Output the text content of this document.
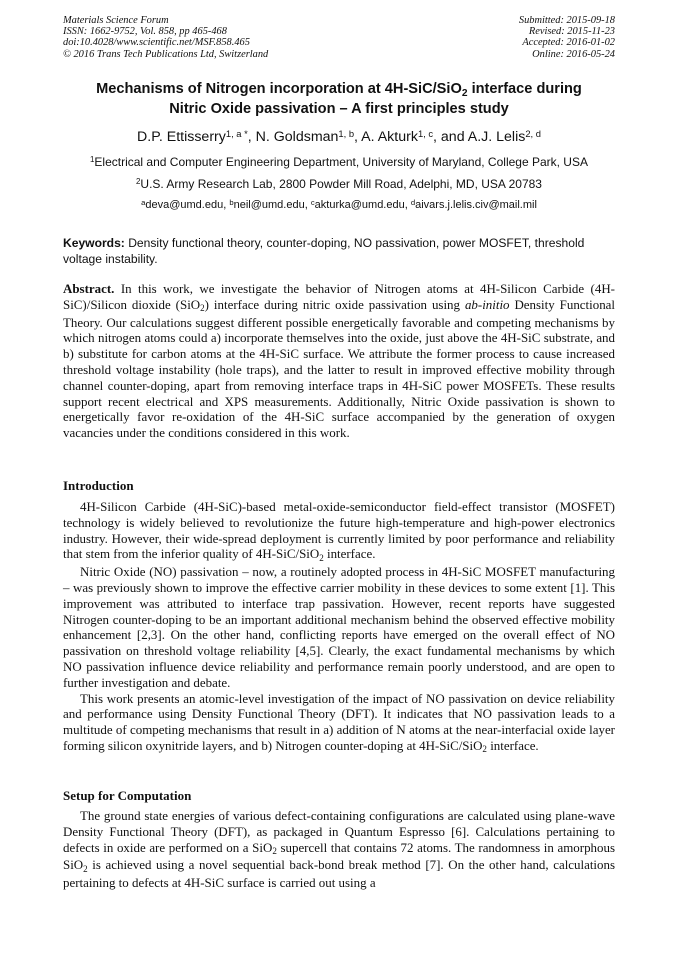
Materials Science Forum
ISSN: 1662-9752, Vol. 858, pp 465-468
doi:10.4028/www.scientific.net/MSF.858.465
© 2016 Trans Tech Publications Ltd, Switzerland
Submitted: 2015-09-18
Revised: 2015-11-23
Accepted: 2016-01-02
Online: 2016-05-24
Mechanisms of Nitrogen incorporation at 4H-SiC/SiO$_2$ interface during
Nitric Oxide passivation – A first principles study
D.P. Ettisserry$^{1, a *}$, N. Goldsman$^{1, b}$, A. Akturk$^{1, c}$, and A.J. Lelis$^{2, d}$
$^1$Electrical and Computer Engineering Department, University of Maryland, College Park, USA
$^2$U.S. Army Research Lab, 2800 Powder Mill Road, Adelphi, MD, USA 20783
$^a$deva@umd.edu, $^b$neil@umd.edu, $^c$akturka@umd.edu, $^d$aivars.j.lelis.civ@mail.mil
Keywords: Density functional theory, counter-doping, NO passivation, power MOSFET, threshold voltage instability.
Abstract. In this work, we investigate the behavior of Nitrogen atoms at 4H-Silicon Carbide (4H-SiC)/Silicon dioxide (SiO$_2$) interface during nitric oxide passivation using ab-initio Density Functional Theory. Our calculations suggest different possible energetically favorable and competing mechanisms by which nitrogen atoms could a) incorporate themselves into the oxide, just above the 4H-SiC substrate, and b) substitute for carbon atoms at the 4H-SiC surface. We attribute the former process to cause increased threshold voltage instability (hole traps), and the latter to result in improved effective mobility through channel counter-doping, apart from removing interface traps in 4H-SiC power MOSFETs. These results support recent electrical and XPS measurements. Additionally, Nitric Oxide passivation is shown to energetically favor re-oxidation of the 4H-SiC surface accompanied by the generation of oxygen vacancies under the conditions considered in this work.
Introduction

4H-Silicon Carbide (4H-SiC)-based metal-oxide-semiconductor field-effect transistor (MOSFET) technology is widely believed to revolutionize the future high-temperature and high-power electronics industry. However, their wide-spread deployment is currently limited by poor performance and reliability that stem from the inferior quality of 4H-SiC/SiO$_2$ interface.

Nitric Oxide (NO) passivation – now, a routinely adopted process in 4H-SiC MOSFET manufacturing – was previously shown to improve the effective carrier mobility in these devices to some extent [1]. This improvement was attributed to interface trap passivation. However, recent reports have suggested Nitrogen counter-doping to be an important additional mechanism behind the observed effective mobility enhancement [2,3]. On the other hand, conflicting reports have emerged on the overall effect of NO passivation on threshold voltage reliability [4,5]. Clearly, the exact fundamental mechanisms by which NO passivation influence device reliability and performance remain poorly understood, and are open to further investigation and debate.

This work presents an atomic-level investigation of the impact of NO passivation on device reliability and performance using Density Functional Theory (DFT). It indicates that NO passivation leads to a multitude of competing mechanisms that result in a) addition of N atoms at the near-interfacial oxide layer forming silicon oxynitride layers, and b) Nitrogen counter-doping at 4H-SiC/SiO$_2$ interface.

Setup for Computation

The ground state energies of various defect-containing configurations are calculated using plane-wave Density Functional Theory (DFT), as packaged in Quantum Espresso [6]. Calculations pertaining to defects in oxide are performed on a SiO$_2$ supercell that contains 72 atoms. The randomness in amorphous SiO$_2$ is achieved using a novel sequential back-bond break method [7]. On the other hand, calculations pertaining to defects at 4H-SiC surface is carried out using a
